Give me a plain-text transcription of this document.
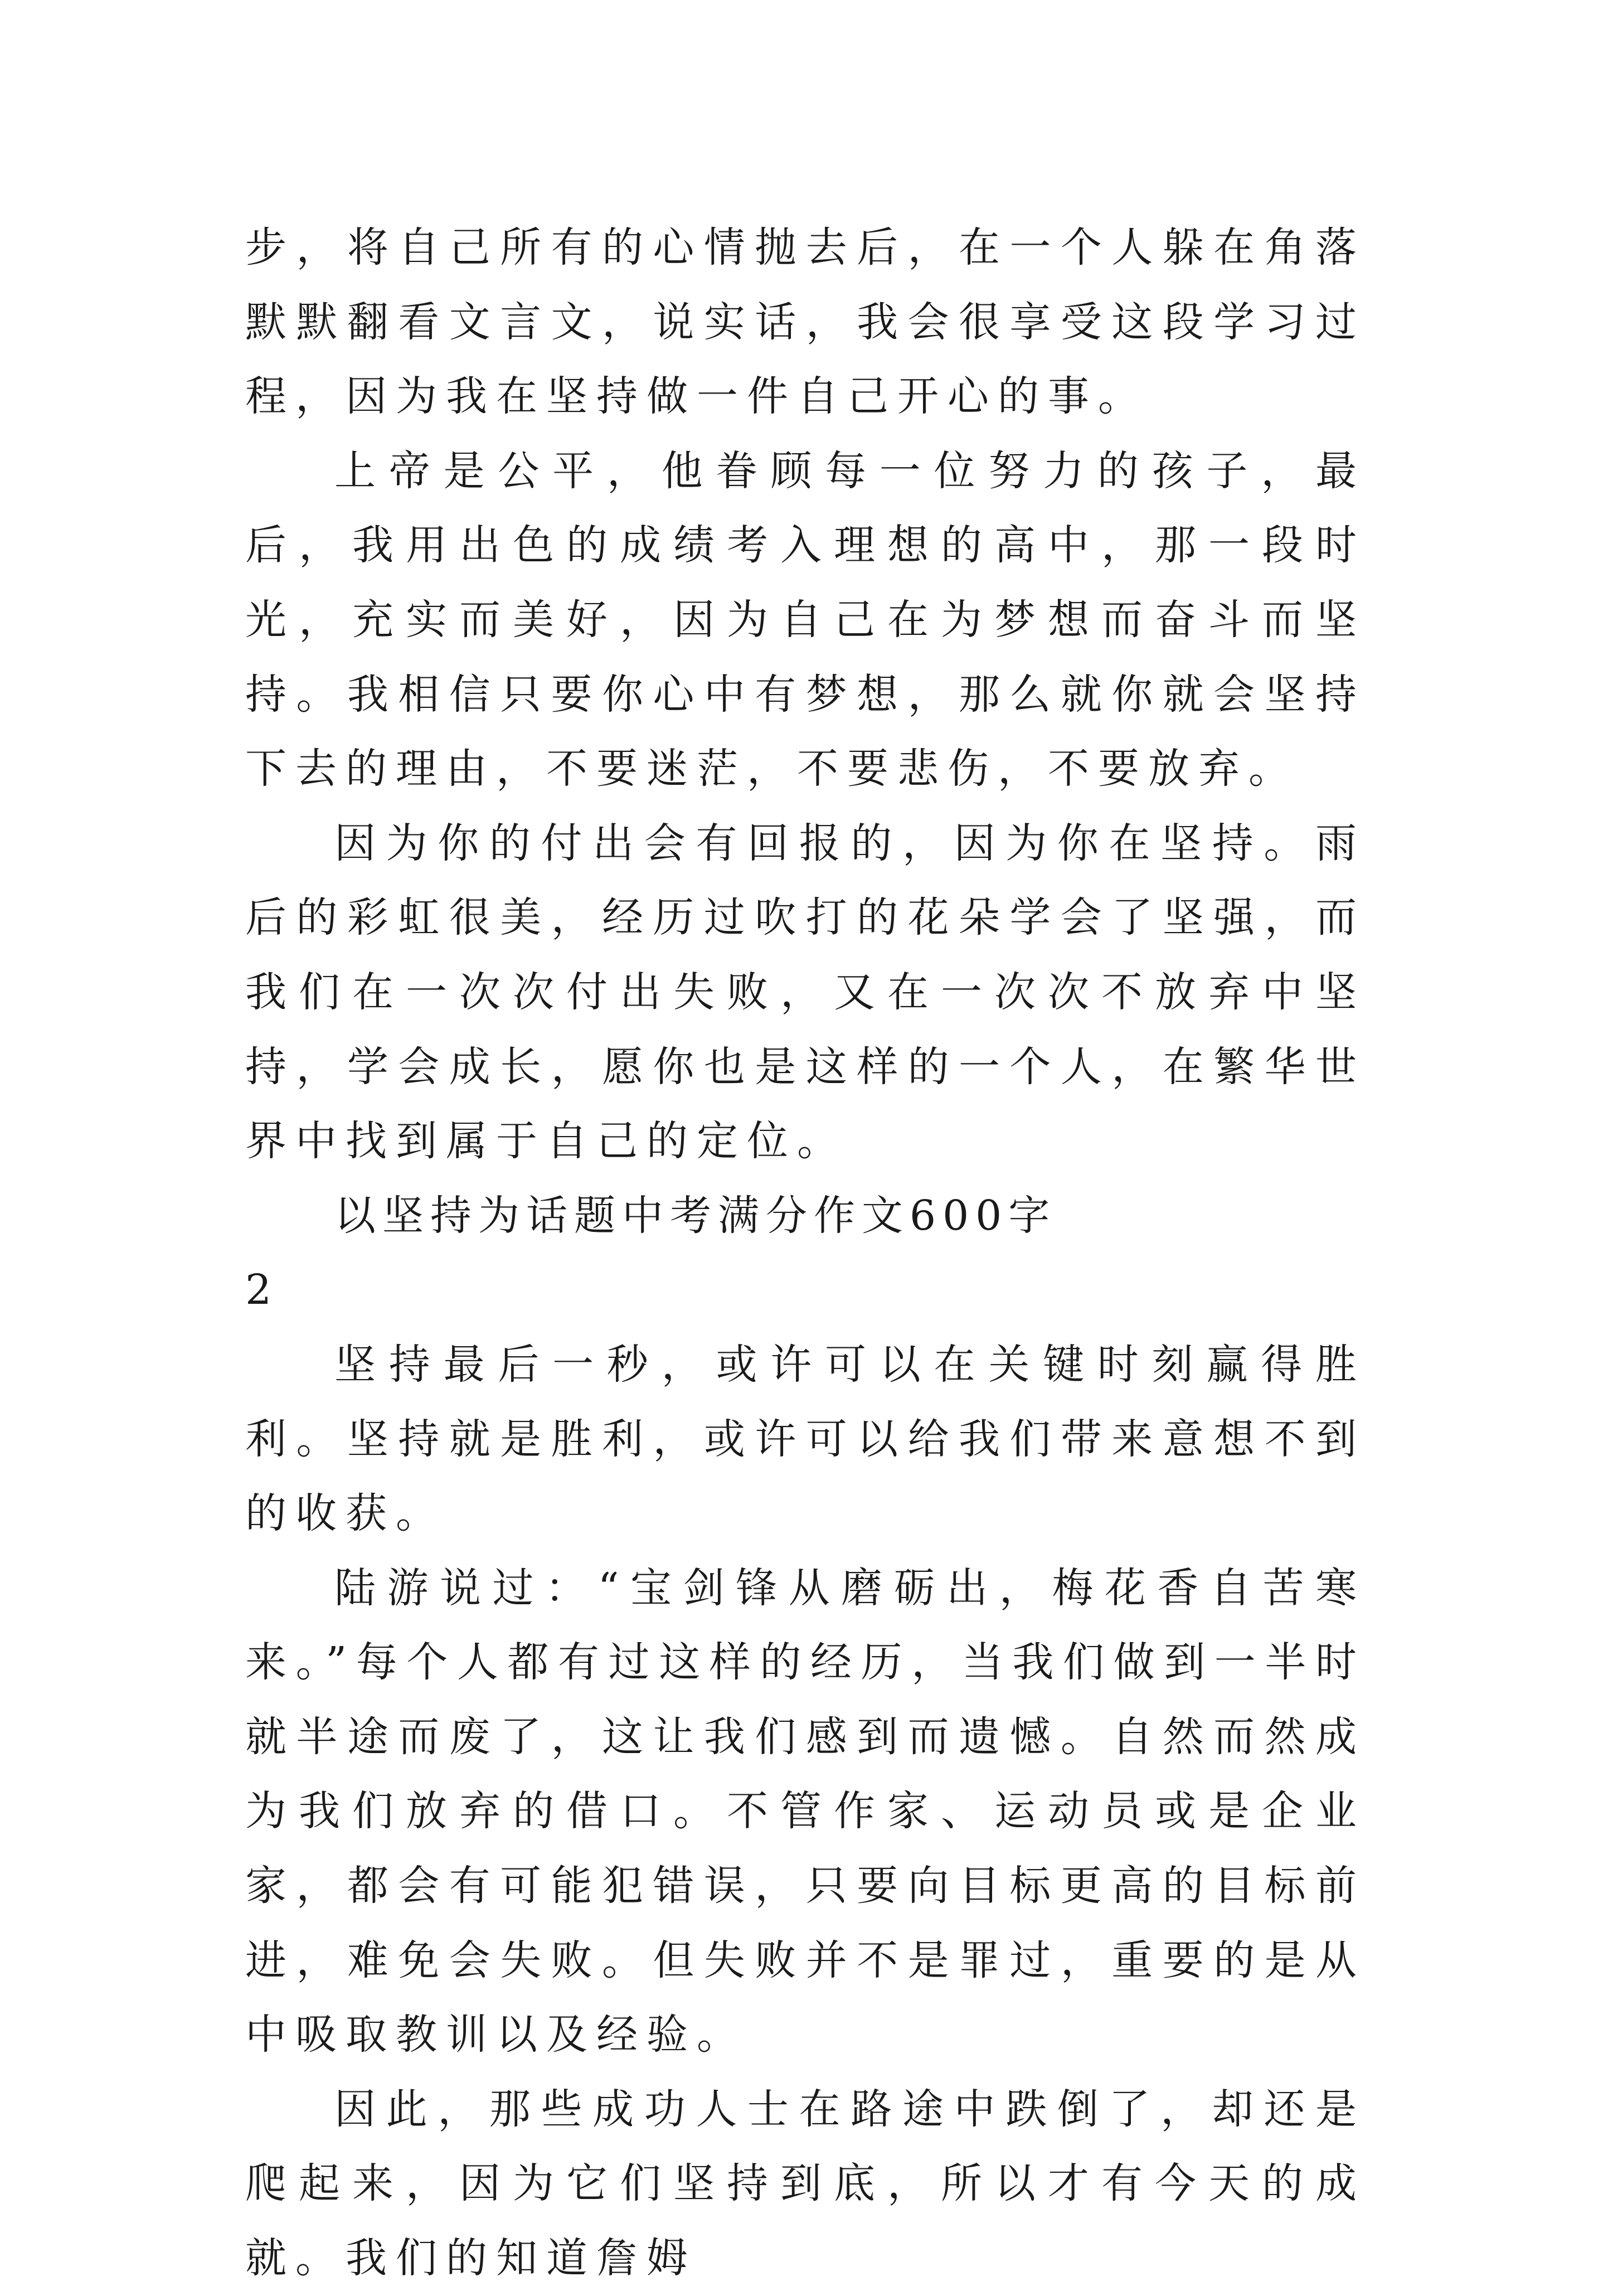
步，将自己所有的心情抛去后，在一个人躲在角落默默翻看文言文，说实话，我会很享受这段学习过程，因为我在坚持做一件自己开心的事。

上帝是公平，他眷顾每一位努力的孩子，最后，我用出色的成绩考入理想的高中，那一段时光，充实而美好，因为自己在为梦想而奋斗而坚持。我相信只要你心中有梦想，那么就你就会坚持下去的理由，不要迷茫，不要悲伤，不要放弃。

因为你的付出会有回报的，因为你在坚持。雨后的彩虹很美，经历过吹打的花朵学会了坚强，而我们在一次次付出失败，又在一次次不放弃中坚持，学会成长，愿你也是这样的一个人，在繁华世界中找到属于自己的定位。

以坚持为话题中考满分作文600字

2

坚持最后一秒，或许可以在关键时刻赢得胜利。坚持就是胜利，或许可以给我们带来意想不到的收获。

陆游说过：“宝剑锋从磨砺出，梅花香自苦寒来。”每个人都有过这样的经历，当我们做到一半时就半途而废了，这让我们感到而遗憾。自然而然成为我们放弃的借口。不管作家、运动员或是企业家，都会有可能犯错误，只要向目标更高的目标前进，难免会失败。但失败并不是罪过，重要的是从中吸取教训以及经验。

因此，那些成功人士在路途中跌倒了，却还是爬起来，因为它们坚持到底，所以才有今天的成就。我们的知道詹姆
